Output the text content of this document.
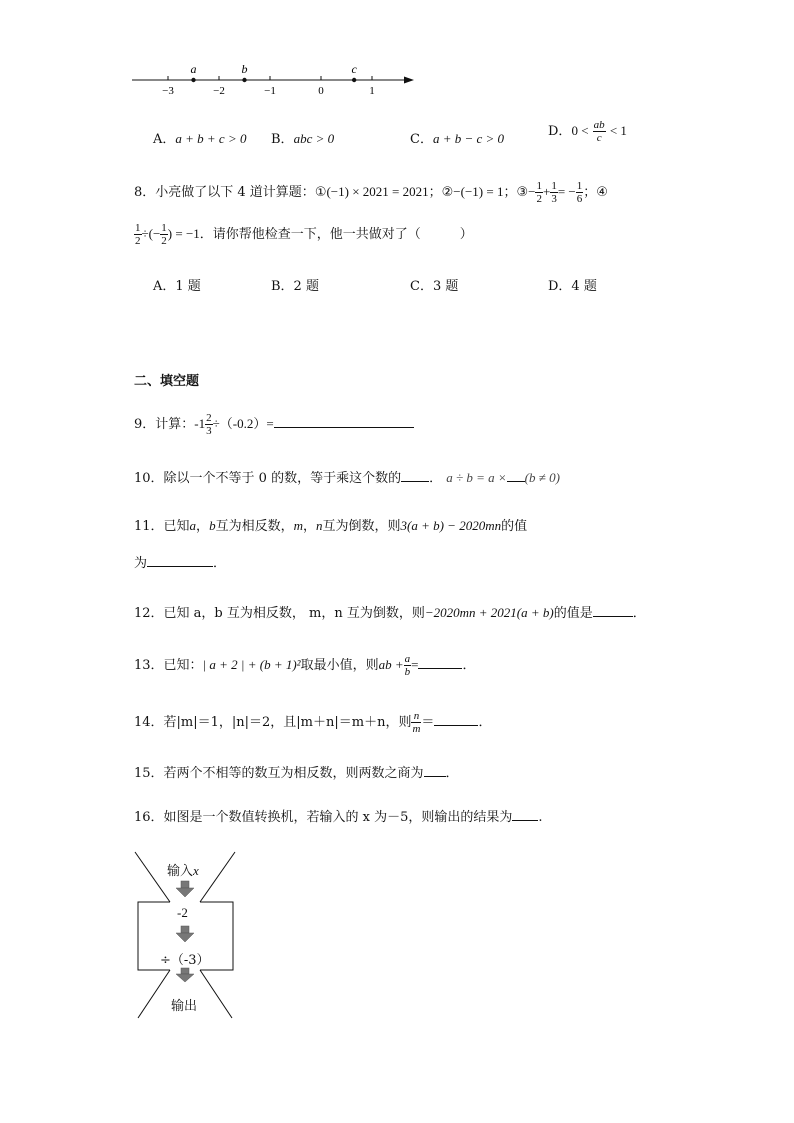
−3	−2	−1	0	1
a	b	c
A．a + b + c > 0 B．abc > 0	C．a + b − c > 0	D．$0 < \frac{ab}{c} < 1$
8．小亮做了以下 4 道计算题：①(−1) × 2021 = 2021；②−(−1) = 1；③− $\frac{1}{2} + \frac{1}{3}$ = − $\frac{1}{6}$ ；④
$\frac{1}{2}$ ÷(− $\frac{1}{2}$ ) = −1．请你帮他检查一下，他一共做对了（　　　）
A．1 题	B．2 题	C．3 题	D．4 题
二、填空题
9．计算：$-1 \frac{2}{3} \div(-0.2)=$
10．除以一个不等于 0 的数，等于乘这个数的 ． a ÷ b = a × (b ≠ 0)
11．已知a，b互为相反数，m，n互为倒数，则3(a + b) − 2020mn的值
为	．
12．已知 a，b 互为相反数， m，n 互为倒数，则−2020mn + 2021(a + b)的值是	．
13．已知：| a + 2 | + (b + 1)²取最小值，则ab + $\frac{a}{b}$ =	．
14．若|m|＝1，|n|＝2，且|m＋n|＝m＋n，则 $\frac{n}{m}$ ＝	．
15．若两个不相等的数互为相反数，则两数之商为 ．
16．如图是一个数值转换机，若输入的 x 为－5，则输出的结果为 .
输入x
-2
÷（-3）
输出
